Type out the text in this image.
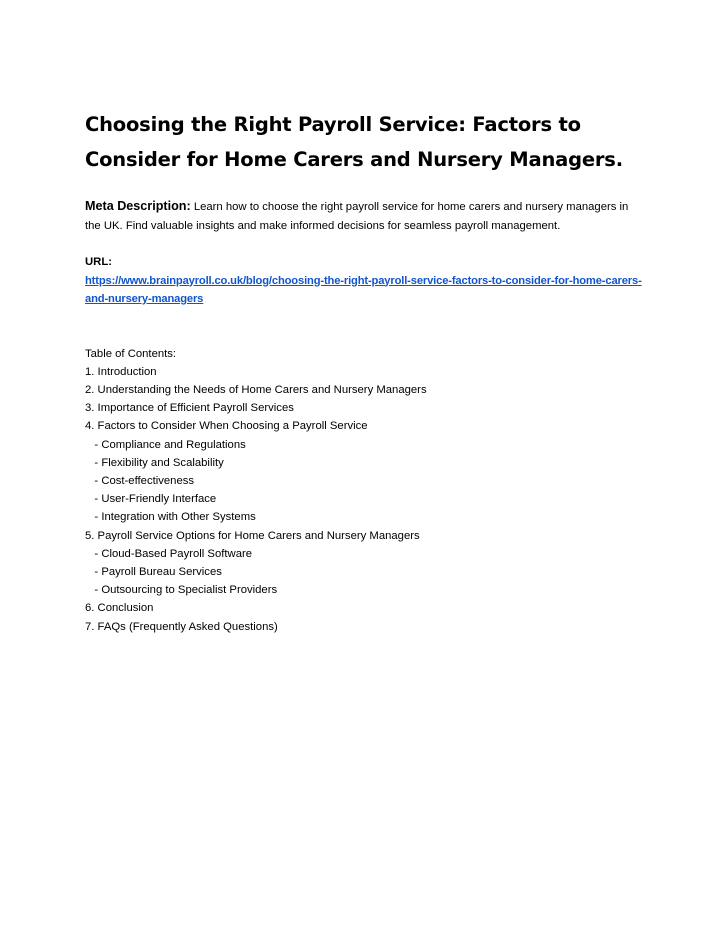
Choosing the Right Payroll Service: Factors to Consider for Home Carers and Nursery Managers.
Meta Description: Learn how to choose the right payroll service for home carers and nursery managers in the UK. Find valuable insights and make informed decisions for seamless payroll management.
URL:
https://www.brainpayroll.co.uk/blog/choosing-the-right-payroll-service-factors-to-consider-for-home-carers-and-nursery-managers
Table of Contents:
1. Introduction
2. Understanding the Needs of Home Carers and Nursery Managers
3. Importance of Efficient Payroll Services
4. Factors to Consider When Choosing a Payroll Service
- Compliance and Regulations
- Flexibility and Scalability
- Cost-effectiveness
- User-Friendly Interface
- Integration with Other Systems
5. Payroll Service Options for Home Carers and Nursery Managers
- Cloud-Based Payroll Software
- Payroll Bureau Services
- Outsourcing to Specialist Providers
6. Conclusion
7. FAQs (Frequently Asked Questions)
